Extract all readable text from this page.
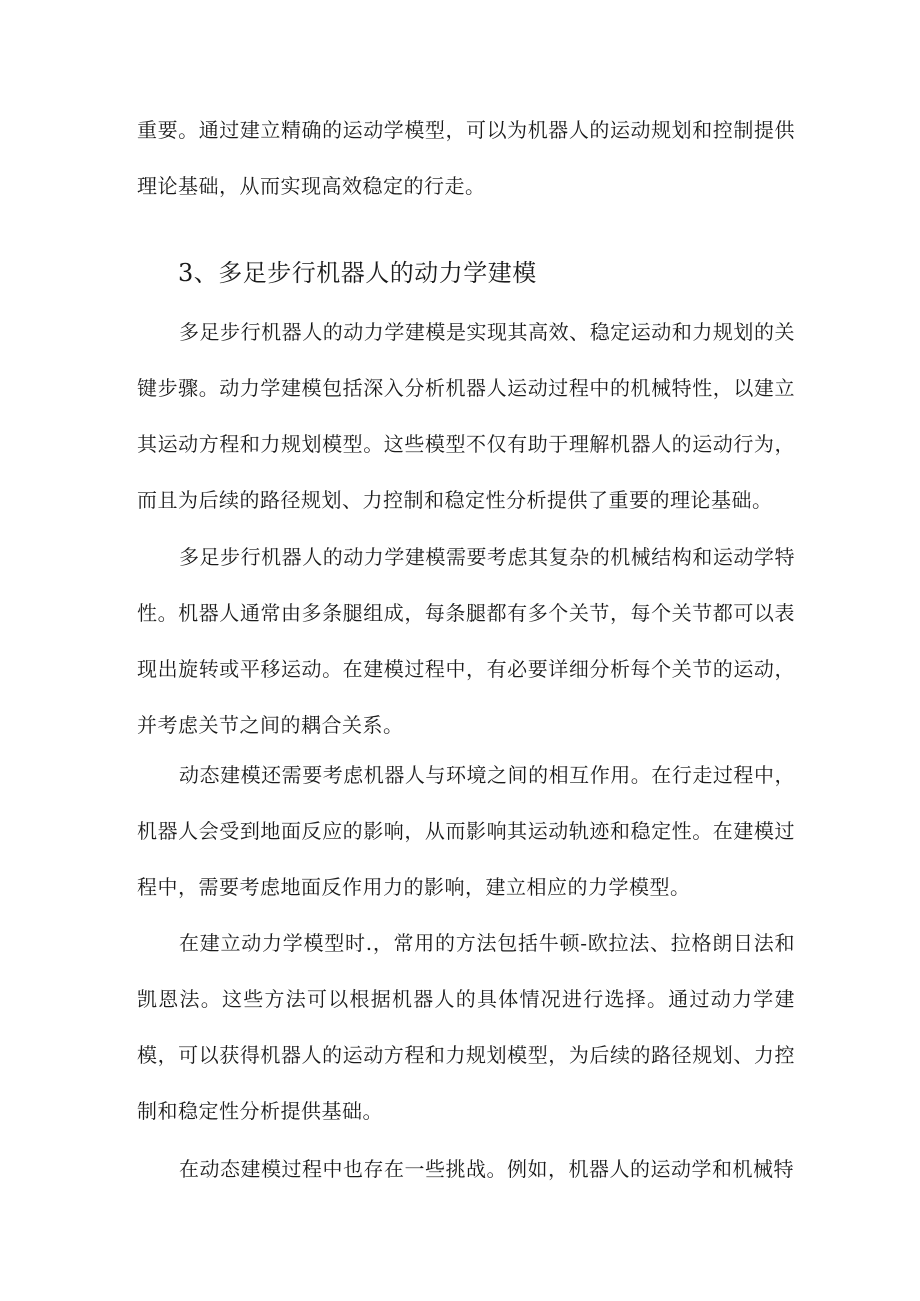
重要。通过建立精确的运动学模型，可以为机器人的运动规划和控制提供理论基础，从而实现高效稳定的行走。

3、多足步行机器人的动力学建模

多足步行机器人的动力学建模是实现其高效、稳定运动和力规划的关键步骤。动力学建模包括深入分析机器人运动过程中的机械特性，以建立其运动方程和力规划模型。这些模型不仅有助于理解机器人的运动行为，而且为后续的路径规划、力控制和稳定性分析提供了重要的理论基础。

多足步行机器人的动力学建模需要考虑其复杂的机械结构和运动学特性。机器人通常由多条腿组成，每条腿都有多个关节，每个关节都可以表现出旋转或平移运动。在建模过程中，有必要详细分析每个关节的运动，并考虑关节之间的耦合关系。

动态建模还需要考虑机器人与环境之间的相互作用。在行走过程中，机器人会受到地面反应的影响，从而影响其运动轨迹和稳定性。在建模过程中，需要考虑地面反作用力的影响，建立相应的力学模型。

在建立动力学模型时.，常用的方法包括牛顿-欧拉法、拉格朗日法和凯恩法。这些方法可以根据机器人的具体情况进行选择。通过动力学建模，可以获得机器人的运动方程和力规划模型，为后续的路径规划、力控制和稳定性分析提供基础。

在动态建模过程中也存在一些挑战。例如，机器人的运动学和机械特
